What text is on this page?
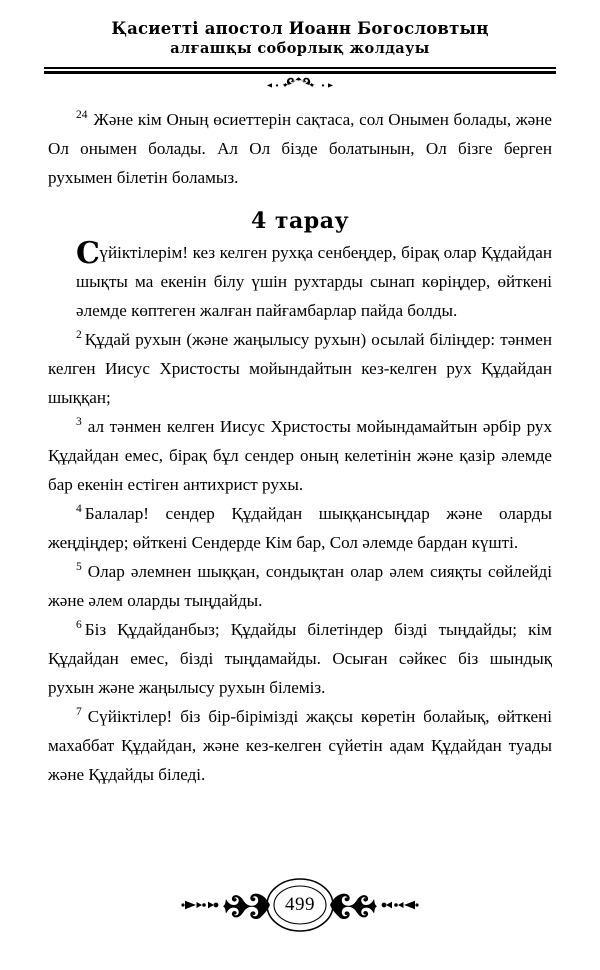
Қасиетті апостол Иоанн Богословтың
алғашқы соборлық жолдауы

$^{24}$ Және кім Оның өсиеттерін сақтаса, сол Онымен болады, және Ол онымен болады. Ал Ол бізде болатынын, Ол бізге берген рухымен білетін боламыз.

4 тарау

Сүйіктілерім! кез келген рухқа сенбеңдер, бірақ олар Құдайдан шықты ма екенін білу үшін рухтарды сынап көріңдер, өйткені әлемде көптеген жалған пайғамбарлар пайда болды.

$^2$ Құдай рухын (және жаңылысу рухын) осылай біліңдер: тәнмен келген Иисус Христосты мойындайтын кез-келген рух Құдайдан шыққан;

$^3$ ал тәнмен келген Иисус Христосты мойындамайтын әрбір рух Құдайдан емес, бірақ бұл сендер оның келетінін және қазір әлемде бар екенін естіген антихрист рухы.

$^4$ Балалар! сендер Құдайдан шыққансыңдар және оларды жеңдіңдер; өйткені Сендерде Кім бар, Сол әлемде бардан күшті.

$^5$ Олар әлемнен шыққан, сондықтан олар әлем сияқты сөйлейді және әлем оларды тыңдайды.

$^6$ Біз Құдайданбыз; Құдайды білетіндер бізді тыңдайды; кім Құдайдан емес, бізді тыңдамайды. Осыған сәйкес біз шындық рухын және жаңылысу рухын білеміз.

$^7$ Сүйіктілер! біз бір-бірімізді жақсы көретін болайық, өйткені махаббат Құдайдан, және кез-келген сүйетін адам Құдайдан туады және Құдайды біледі.

499
